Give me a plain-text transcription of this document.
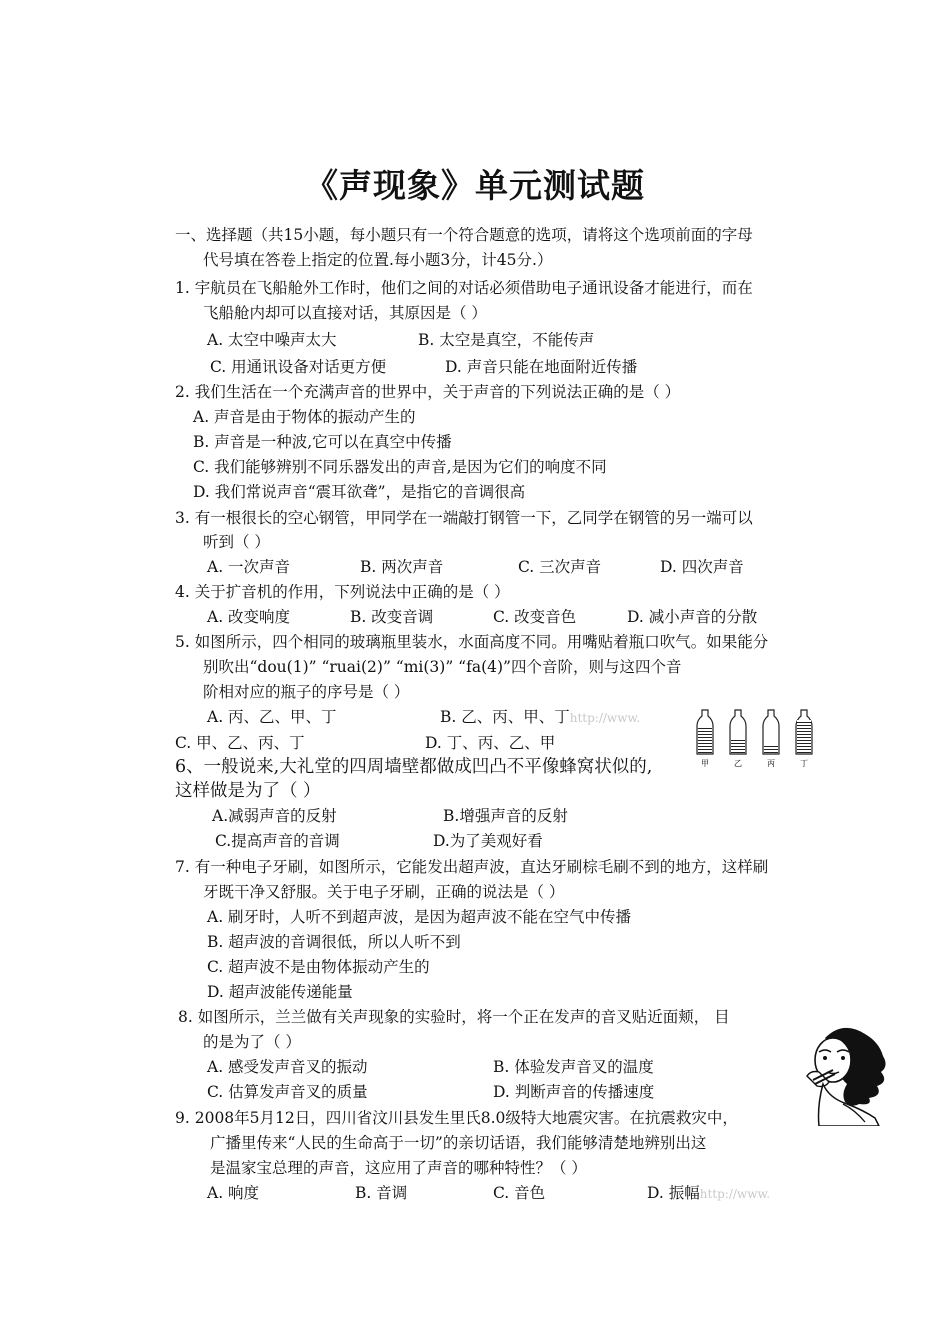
《声现象》单元测试题
一、选择题（共15小题，每小题只有一个符合题意的选项，请将这个选项前面的字母
代号填在答卷上指定的位置.每小题3分，计45分.）
1. 宇航员在飞船舱外工作时，他们之间的对话必须借助电子通讯设备才能进行，而在
飞船舱内却可以直接对话，其原因是（ ）
A. 太空中噪声太大	B. 太空是真空，不能传声
C. 用通讯设备对话更方便	D. 声音只能在地面附近传播
2. 我们生活在一个充满声音的世界中，关于声音的下列说法正确的是（ ）
A. 声音是由于物体的振动产生的
B. 声音是一种波,它可以在真空中传播
C. 我们能够辨别不同乐器发出的声音,是因为它们的响度不同
D. 我们常说声音“震耳欲聋”，是指它的音调很高
3. 有一根很长的空心钢管，甲同学在一端敲打钢管一下，乙同学在钢管的另一端可以
听到（ ）
A. 一次声音	B. 两次声音	C. 三次声音	D. 四次声音
4. 关于扩音机的作用，下列说法中正确的是（ ）
A. 改变响度	B. 改变音调	C. 改变音色	D. 减小声音的分散
5. 如图所示，四个相同的玻璃瓶里装水，水面高度不同。用嘴贴着瓶口吹气。如果能分
别吹出“dou(1)” “ruai(2)” “mi(3)” “fa(4)”四个音阶，则与这四个音
阶相对应的瓶子的序号是（ ）
A. 丙、乙、甲、丁	B. 乙、丙、甲、丁http://www.
C. 甲、乙、丙、丁	D. 丁、丙、乙、甲
甲	乙	丙	丁
6、一般说来,大礼堂的四周墙壁都做成凹凸不平像蜂窝状似的,
这样做是为了（ ）
A.减弱声音的反射	B.增强声音的反射
C.提高声音的音调	D.为了美观好看
7. 有一种电子牙刷，如图所示，它能发出超声波，直达牙刷棕毛刷不到的地方，这样刷
牙既干净又舒服。关于电子牙刷，正确的说法是（ ）
A. 刷牙时，人听不到超声波，是因为超声波不能在空气中传播
B. 超声波的音调很低，所以人听不到
C. 超声波不是由物体振动产生的
D. 超声波能传递能量
8. 如图所示，兰兰做有关声现象的实验时，将一个正在发声的音叉贴近面颊， 目
的是为了（ ）
A. 感受发声音叉的振动	B. 体验发声音叉的温度
C. 估算发声音叉的质量	D. 判断声音的传播速度
9. 2008年5月12日，四川省汶川县发生里氏8.0级特大地震灾害。在抗震救灾中，
广播里传来“人民的生命高于一切”的亲切话语，我们能够清楚地辨别出这
是温家宝总理的声音，这应用了声音的哪种特性？（ ）
A. 响度	B. 音调	C. 音色	D. 振幅http://www.
